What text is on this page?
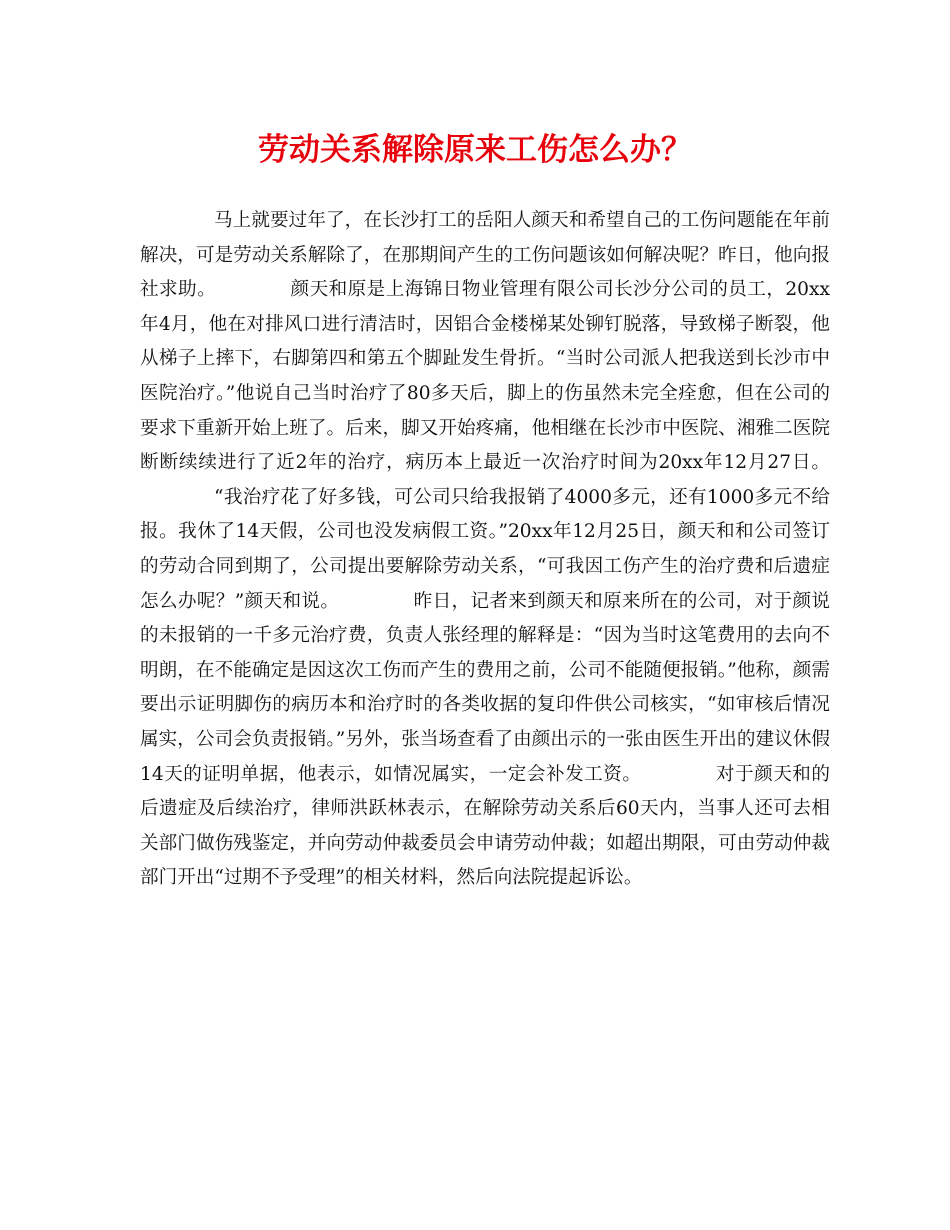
劳动关系解除原来工伤怎么办？

马上就要过年了，在长沙打工的岳阳人颜天和希望自己的工伤问题能在年前解决，可是劳动关系解除了，在那期间产生的工伤问题该如何解决呢？昨日，他向报社求助。	颜天和原是上海锦日物业管理有限公司长沙分公司的员工，20xx年4月，他在对排风口进行清洁时，因铝合金楼梯某处铆钉脱落，导致梯子断裂，他从梯子上摔下，右脚第四和第五个脚趾发生骨折。“当时公司派人把我送到长沙市中医院治疗。”他说自己当时治疗了80多天后，脚上的伤虽然未完全痊愈，但在公司的要求下重新开始上班了。后来，脚又开始疼痛，他相继在长沙市中医院、湘雅二医院断断续续进行了近2年的治疗，病历本上最近一次治疗时间为20xx年12月27日。“我治疗花了好多钱，可公司只给我报销了4000多元，还有1000多元不给报。我休了14天假，公司也没发病假工资。”20xx年12月25日，颜天和和公司签订的劳动合同到期了，公司提出要解除劳动关系，“可我因工伤产生的治疗费和后遗症怎么办呢？”颜天和说。	昨日，记者来到颜天和原来所在的公司，对于颜说的未报销的一千多元治疗费，负责人张经理的解释是：“因为当时这笔费用的去向不明朗，在不能确定是因这次工伤而产生的费用之前，公司不能随便报销。”他称，颜需要出示证明脚伤的病历本和治疗时的各类收据的复印件供公司核实，“如审核后情况属实，公司会负责报销。”另外，张当场查看了由颜出示的一张由医生开出的建议休假14天的证明单据，他表示，如情况属实，一定会补发工资。	对于颜天和的后遗症及后续治疗，律师洪跃林表示，在解除劳动关系后60天内，当事人还可去相关部门做伤残鉴定，并向劳动仲裁委员会申请劳动仲裁；如超出期限，可由劳动仲裁部门开出“过期不予受理”的相关材料，然后向法院提起诉讼。
